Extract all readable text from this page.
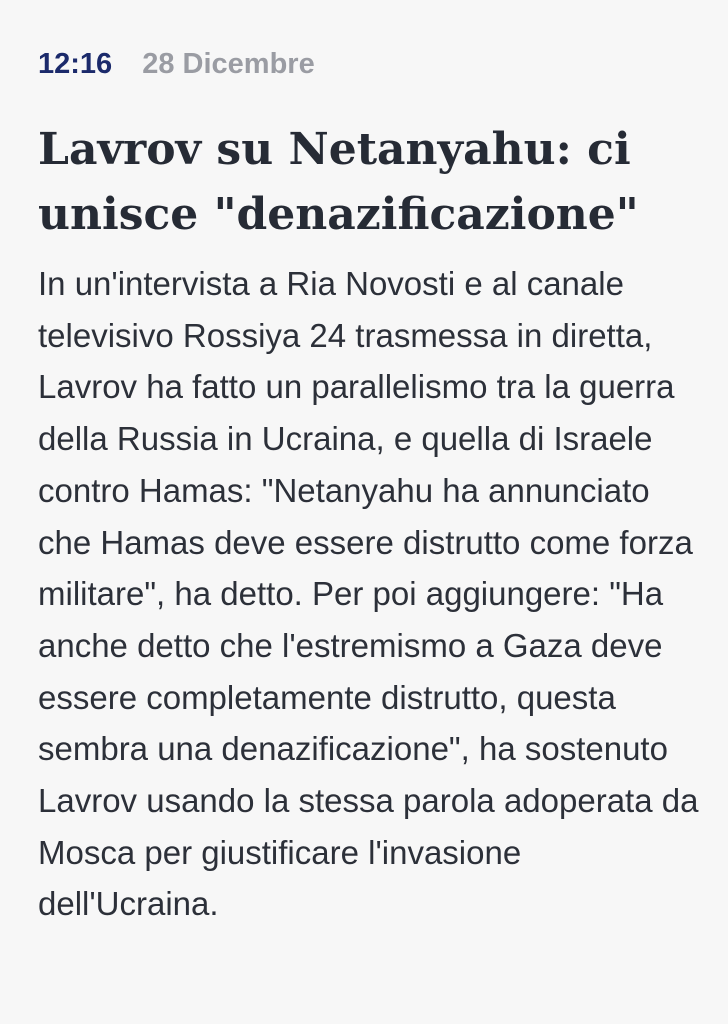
12:16 28 Dicembre
Lavrov su Netanyahu: ci unisce "denazificazione"

In un'intervista a Ria Novosti e al canale televisivo Rossiya 24 trasmessa in diretta, Lavrov ha fatto un parallelismo tra la guerra della Russia in Ucraina, e quella di Israele contro Hamas: "Netanyahu ha annunciato che Hamas deve essere distrutto come forza militare", ha detto. Per poi aggiungere: "Ha anche detto che l'estremismo a Gaza deve essere completamente distrutto, questa sembra una denazificazione", ha sostenuto Lavrov usando la stessa parola adoperata da Mosca per giustificare l'invasione dell'Ucraina.
